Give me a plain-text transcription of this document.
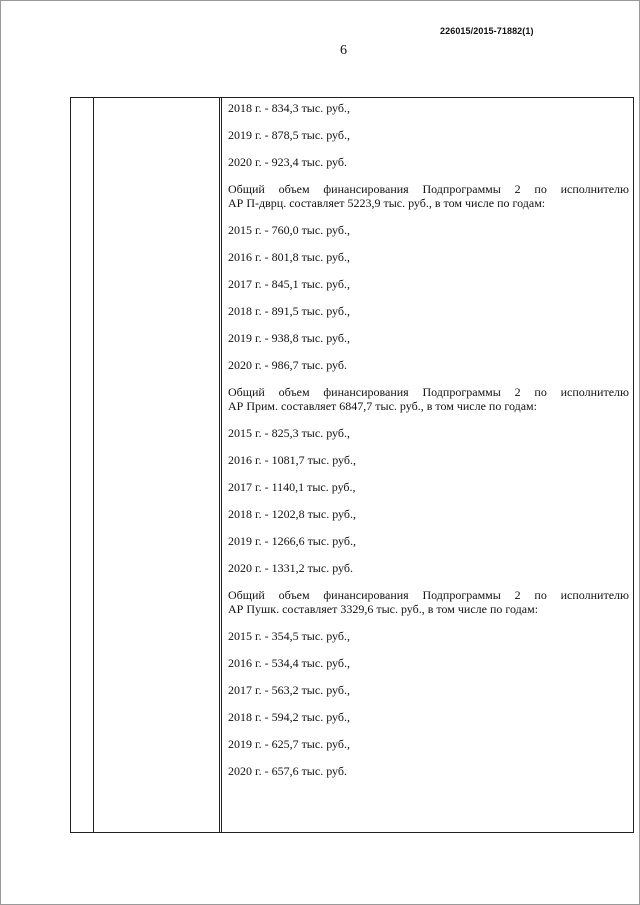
226015/2015-71882(1)
6
2018 г. - 834,3 тыс. руб.,
2019 г. - 878,5 тыс. руб.,
2020 г. - 923,4 тыс. руб.
Общий объем финансирования Подпрограммы 2 по исполнителю
АР П-двpц. составляет 5223,9 тыс. руб., в том числе по годам:
2015 г. - 760,0 тыс. руб.,
2016 г. - 801,8 тыс. руб.,
2017 г. - 845,1 тыс. руб.,
2018 г. - 891,5 тыс. руб.,
2019 г. - 938,8 тыс. руб.,
2020 г. - 986,7 тыс. руб.
Общий объем финансирования Подпрограммы 2 по исполнителю
АР Прим. составляет 6847,7 тыс. руб., в том числе по годам:
2015 г. - 825,3 тыс. руб.,
2016 г. - 1081,7 тыс. руб.,
2017 г. - 1140,1 тыс. руб.,
2018 г. - 1202,8 тыс. руб.,
2019 г. - 1266,6 тыс. руб.,
2020 г. - 1331,2 тыс. руб.
Общий объем финансирования Подпрограммы 2 по исполнителю
АР Пушк. составляет 3329,6 тыс. руб., в том числе по годам:
2015 г. - 354,5 тыс. руб.,
2016 г. - 534,4 тыс. руб.,
2017 г. - 563,2 тыс. руб.,
2018 г. - 594,2 тыс. руб.,
2019 г. - 625,7 тыс. руб.,
2020 г. - 657,6 тыс. руб.
